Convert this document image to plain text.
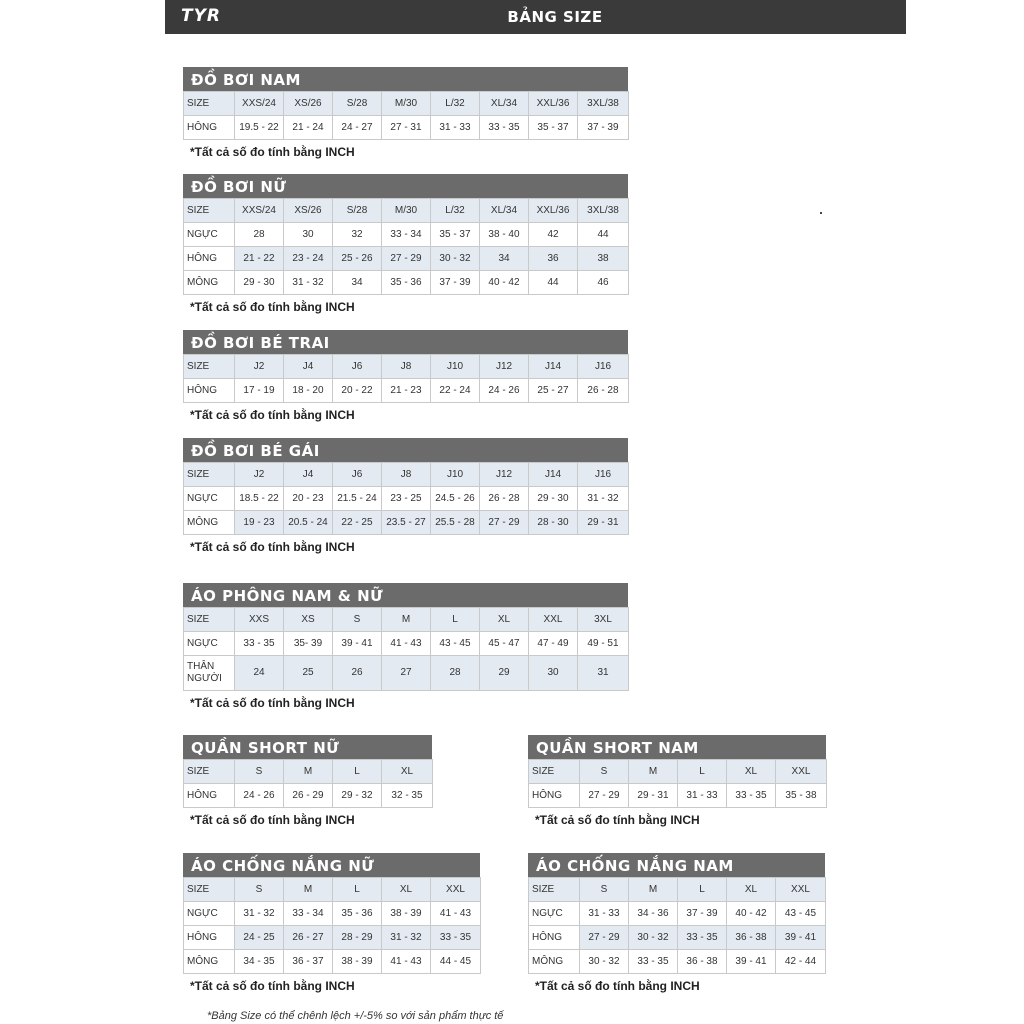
TYR	BẢNG SIZE
ĐỒ BƠI NAM
SIZE	XXS/24	XS/26	S/28	M/30	L/32	XL/34	XXL/36	3XL/38
HÔNG	19.5 - 22	21 - 24	24 - 27	27 - 31	31 - 33	33 - 35	35 - 37	37 - 39
*Tất cả số đo tính bằng INCH
ĐỒ BƠI NỮ
SIZE	XXS/24	XS/26	S/28	M/30	L/32	XL/34	XXL/36	3XL/38
NGỰC	28	30	32	33 - 34	35 - 37	38 - 40	42	44
HÔNG	21 - 22	23 - 24	25 - 26	27 - 29	30 - 32	34	36	38
MÔNG	29 - 30	31 - 32	34	35 - 36	37 - 39	40 - 42	44	46
*Tất cả số đo tính bằng INCH
ĐỒ BƠI BÉ TRAI
SIZE	J2	J4	J6	J8	J10	J12	J14	J16
HÔNG	17 - 19	18 - 20	20 - 22	21 - 23	22 - 24	24 - 26	25 - 27	26 - 28
*Tất cả số đo tính bằng INCH
ĐỒ BƠI BÉ GÁI
SIZE	J2	J4	J6	J8	J10	J12	J14	J16
NGỰC	18.5 - 22	20 - 23	21.5 - 24	23 - 25	24.5 - 26	26 - 28	29 - 30	31 - 32
MÔNG	19 - 23	20.5 - 24	22 - 25	23.5 - 27	25.5 - 28	27 - 29	28 - 30	29 - 31
*Tất cả số đo tính bằng INCH
ÁO PHÔNG NAM & NỮ
SIZE	XXS	XS	S	M	L	XL	XXL	3XL
NGỰC	33 - 35	35- 39	39 - 41	41 - 43	43 - 45	45 - 47	47 - 49	49 - 51
THÂN NGƯỜI	24	25	26	27	28	29	30	31
*Tất cả số đo tính bằng INCH
QUẦN SHORT NỮ
SIZE	S	M	L	XL
HÔNG	24 - 26	26 - 29	29 - 32	32 - 35
*Tất cả số đo tính bằng INCH
QUẦN SHORT NAM
SIZE	S	M	L	XL	XXL
HÔNG	27 - 29	29 - 31	31 - 33	33 - 35	35 - 38
*Tất cả số đo tính bằng INCH
ÁO CHỐNG NẮNG NỮ
SIZE	S	M	L	XL	XXL
NGỰC	31 - 32	33 - 34	35 - 36	38 - 39	41 - 43
HÔNG	24 - 25	26 - 27	28 - 29	31 - 32	33 - 35
MÔNG	34 - 35	36 - 37	38 - 39	41 - 43	44 - 45
*Tất cả số đo tính bằng INCH
ÁO CHỐNG NẮNG NAM
SIZE	S	M	L	XL	XXL
NGỰC	31 - 33	34 - 36	37 - 39	40 - 42	43 - 45
HÔNG	27 - 29	30 - 32	33 - 35	36 - 38	39 - 41
MÔNG	30 - 32	33 - 35	36 - 38	39 - 41	42 - 44
*Tất cả số đo tính bằng INCH
*Bảng Size có thể chênh lệch +/-5% so với sản phẩm thực tế
